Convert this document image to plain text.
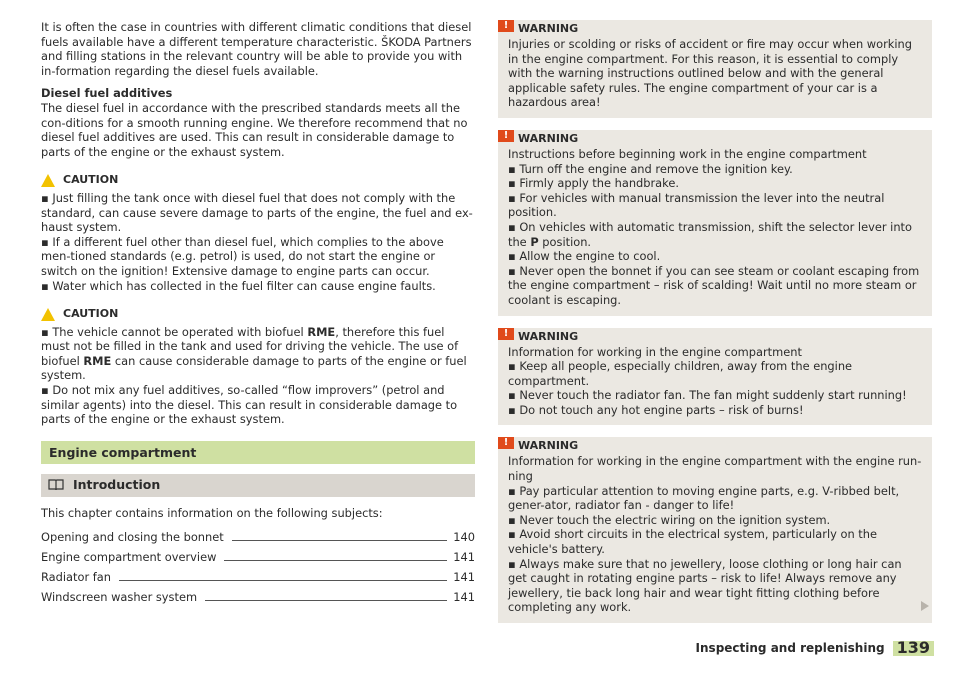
It is often the case in countries with different climatic conditions that diesel fuels available have a different temperature characteristic. ŠKODA Partners and filling stations in the relevant country will be able to provide you with in-formation regarding the diesel fuels available.

Diesel fuel additives

The diesel fuel in accordance with the prescribed standards meets all the con-ditions for a smooth running engine. We therefore recommend that no diesel fuel additives are used. This can result in considerable damage to parts of the engine or the exhaust system.

CAUTION

▪ Just filling the tank once with diesel fuel that does not comply with the standard, can cause severe damage to parts of the engine, the fuel and ex-haust system.

▪ If a different fuel other than diesel fuel, which complies to the above men-tioned standards (e.g. petrol) is used, do not start the engine or switch on the ignition! Extensive damage to engine parts can occur.

▪ Water which has collected in the fuel filter can cause engine faults.

CAUTION

▪ The vehicle cannot be operated with biofuel RME, therefore this fuel must not be filled in the tank and used for driving the vehicle. The use of biofuel RME can cause considerable damage to parts of the engine or fuel system.

▪ Do not mix any fuel additives, so-called “flow improvers” (petrol and similar agents) into the diesel. This can result in considerable damage to parts of the engine or the exhaust system.

Engine compartment
Introduction

This chapter contains information on the following subjects:

Opening and closing the bonnet	140
Engine compartment overview	141
Radiator fan	141
Windscreen washer system	141
! WARNING

Injuries or scolding or risks of accident or fire may occur when working in the engine compartment. For this reason, it is essential to comply with the warning instructions outlined below and with the general applicable safety rules. The engine compartment of your car is a hazardous area!

! WARNING

Instructions before beginning work in the engine compartment

▪ Turn off the engine and remove the ignition key.

▪ Firmly apply the handbrake.

▪ For vehicles with manual transmission the lever into the neutral position.

▪ On vehicles with automatic transmission, shift the selector lever into the P position.

▪ Allow the engine to cool.

▪ Never open the bonnet if you can see steam or coolant escaping from the engine compartment – risk of scalding! Wait until no more steam or coolant is escaping.

! WARNING

Information for working in the engine compartment

▪ Keep all people, especially children, away from the engine compartment.

▪ Never touch the radiator fan. The fan might suddenly start running!

▪ Do not touch any hot engine parts – risk of burns!

! WARNING

Information for working in the engine compartment with the engine run-ning

▪ Pay particular attention to moving engine parts, e.g. V-ribbed belt, gener-ator, radiator fan - danger to life!

▪ Never touch the electric wiring on the ignition system.

▪ Avoid short circuits in the electrical system, particularly on the vehicle's battery.

▪ Always make sure that no jewellery, loose clothing or long hair can get caught in rotating engine parts – risk to life! Always remove any jewellery, tie back long hair and wear tight fitting clothing before completing any work.

Inspecting and replenishing 139
